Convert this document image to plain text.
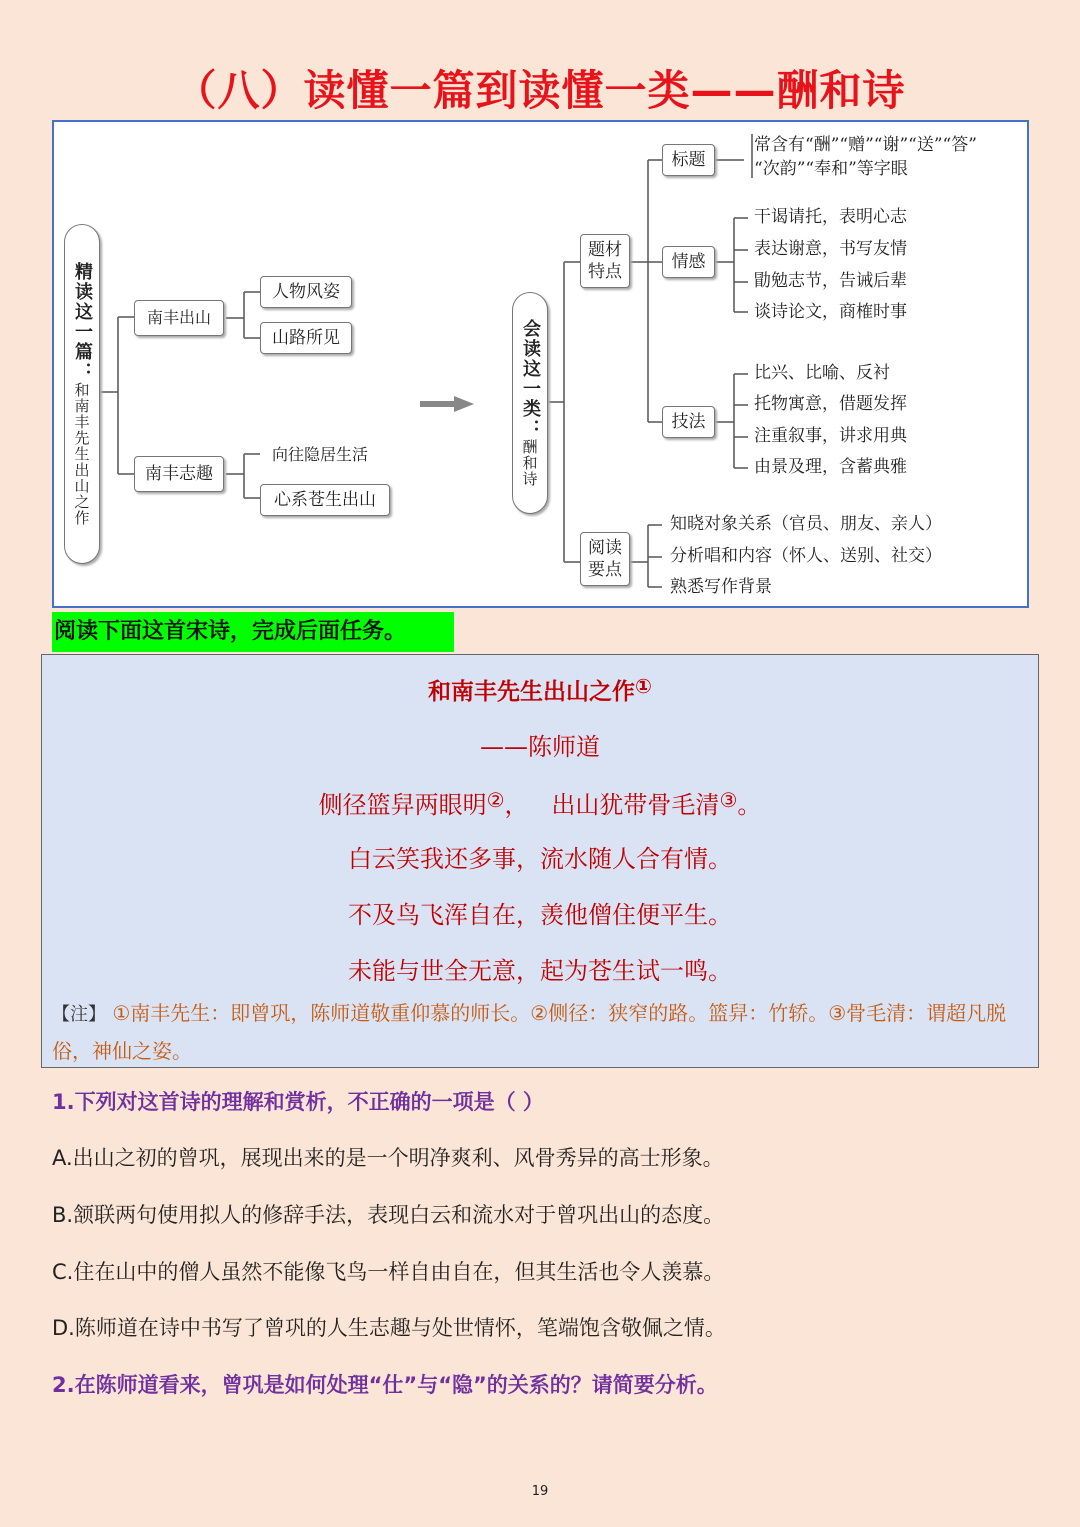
（八）读懂一篇到读懂一类——酬和诗
精读这一篇：
和南丰先生出山之作
南丰出山
人物风姿
山路所见
南丰志趣
向往隐居生活
心系苍生出山
会读这一类：
酬和诗
题材特点
标题
常含有“酬”“赠”“谢”“送”“答”
“次韵”“奉和”等字眼
情感
干谒请托，表明心志
表达谢意，书写友情
勖勉志节，告诫后辈
谈诗论文，商榷时事
技法
比兴、比喻、反衬
托物寓意，借题发挥
注重叙事，讲求用典
由景及理，含蓄典雅
阅读要点
知晓对象关系（官员、朋友、亲人）
分析唱和内容（怀人、送别、社交）
熟悉写作背景
阅读下面这首宋诗，完成后面任务。
和南丰先生出山之作①
——陈师道
侧径篮舁两眼明②，   出山犹带骨毛清③。
白云笑我还多事，流水随人合有情。
不及鸟飞浑自在，羡他僧住便平生。
未能与世全无意，起为苍生试一鸣。
【注】 ①南丰先生：即曾巩，陈师道敬重仰慕的师长。②侧径：狭窄的路。篮舁：竹轿。③骨毛清：谓超凡脱俗，神仙之姿。
1.下列对这首诗的理解和赏析，不正确的一项是（ ）
A.出山之初的曾巩，展现出来的是一个明净爽利、风骨秀异的高士形象。
B.颔联两句使用拟人的修辞手法，表现白云和流水对于曾巩出山的态度。
C.住在山中的僧人虽然不能像飞鸟一样自由自在，但其生活也令人羡慕。
D.陈师道在诗中书写了曾巩的人生志趣与处世情怀，笔端饱含敬佩之情。
2.在陈师道看来，曾巩是如何处理“仕”与“隐”的关系的？请简要分析。
19
